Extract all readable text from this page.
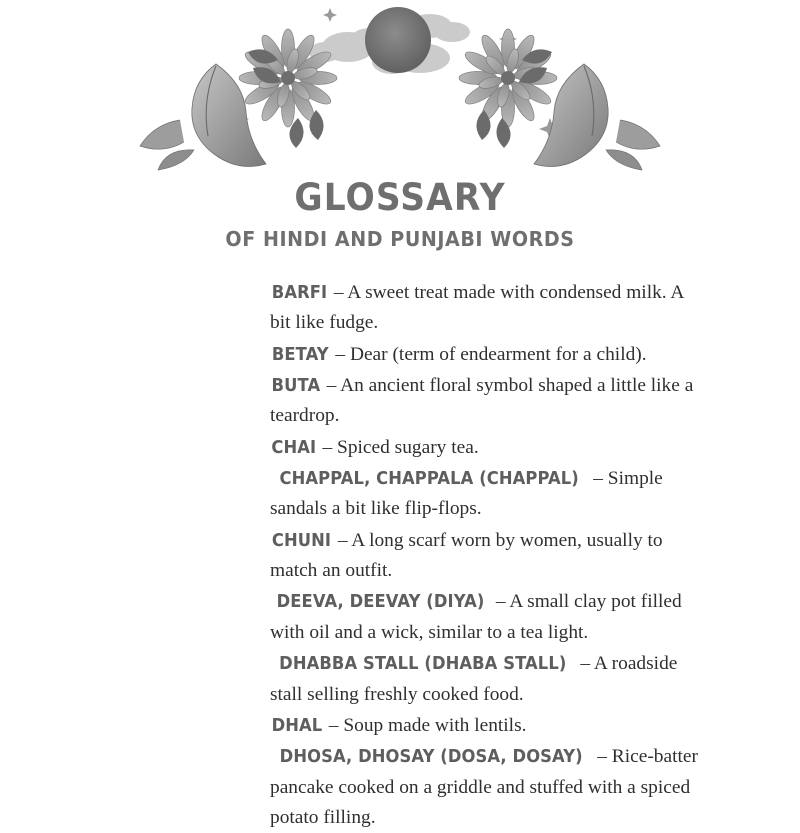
GLOSSARY
OF HINDI AND PUNJABI WORDS

BARFI – A sweet treat made with condensed milk. A bit like fudge.

BETAY – Dear (term of endearment for a child).

BUTA – An ancient floral symbol shaped a little like a teardrop.

CHAI – Spiced sugary tea.

CHAPPAL, CHAPPALA (CHAPPAL) – Simple sandals a bit like flip-flops.

CHUNI – A long scarf worn by women, usually to match an outfit.

DEEVA, DEEVAY (DIYA) – A small clay pot filled with oil and a wick, similar to a tea light.

DHABBA STALL (DHABA STALL) – A roadside stall selling freshly cooked food.

DHAL – Soup made with lentils.

DHOSA, DHOSAY (DOSA, DOSAY) – Rice-batter pancake cooked on a griddle and stuffed with a spiced potato filling.
